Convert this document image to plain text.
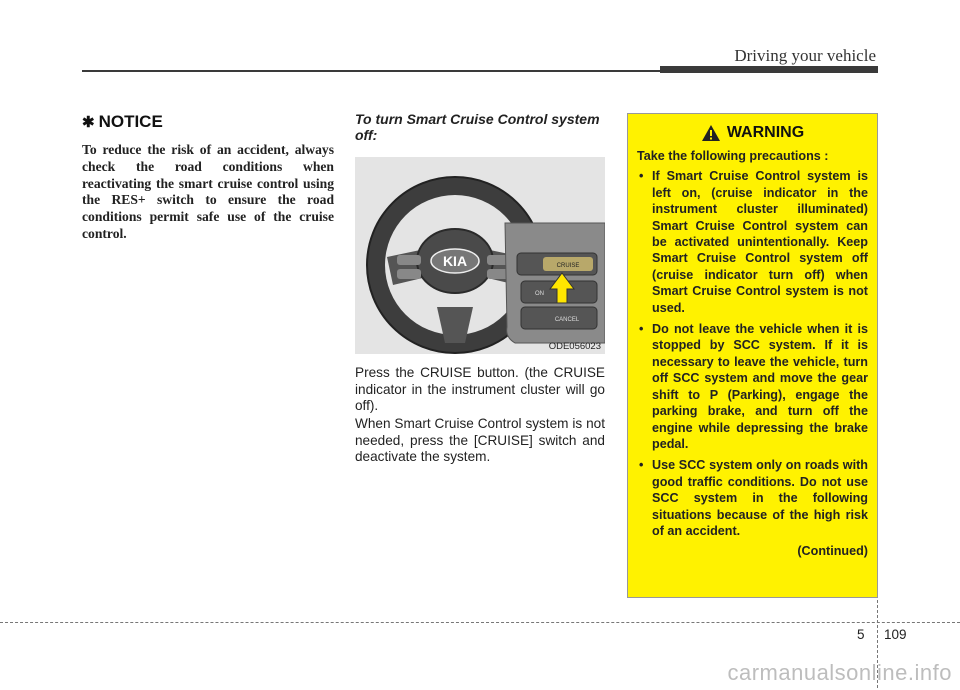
Driving your vehicle
✱ NOTICE

To reduce the risk of an accident, always check the road conditions when reactivating the smart cruise control using the RES+ switch to ensure the road conditions permit safe use of the cruise control.

To turn Smart Cruise Control system off:
KIA	CRUISE
ON
CANCEL
ODE056023

Press the CRUISE button. (the CRUISE indicator in the instrument cluster will go off).

When Smart Cruise Control system is not needed, press the [CRUISE] switch and deactivate the system.

WARNING

Take the following precautions :

• If Smart Cruise Control system is left on, (cruise indicator in the instrument cluster illuminated) Smart Cruise Control system can be activated unintentionally. Keep Smart Cruise Control system off (cruise indicator turn off) when Smart Cruise Control system is not used.
• Do not leave the vehicle when it is stopped by SCC system. If it is necessary to leave the vehicle, turn off SCC system and move the gear shift to P (Parking), engage the parking brake, and turn off the engine while depressing the brake pedal.
• Use SCC system only on roads with good traffic conditions. Do not use SCC system in the following situations because of the high risk of an accident.
(Continued)
5 109
carmanualsonline.info
